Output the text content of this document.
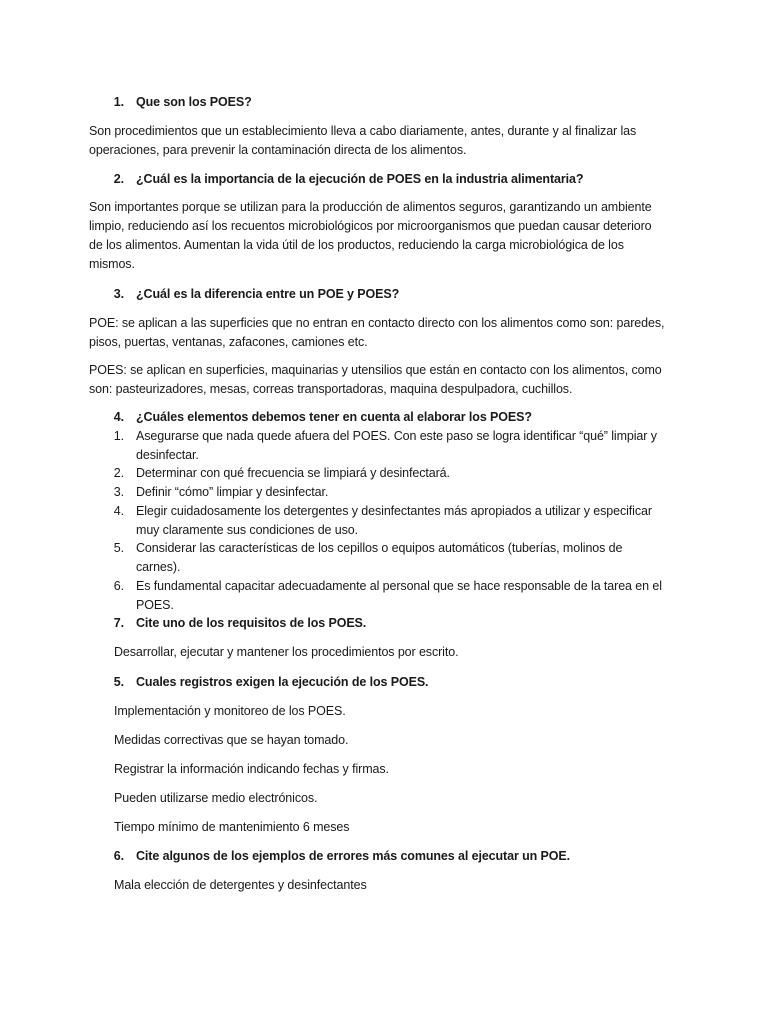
1. Que son los POES?
Son procedimientos que un establecimiento lleva a cabo diariamente, antes, durante y al finalizar las
operaciones, para prevenir la contaminación directa de los alimentos.
2. ¿Cuál es la importancia de la ejecución de POES en la industria alimentaria?
Son importantes porque se utilizan para la producción de alimentos seguros, garantizando un ambiente
limpio, reduciendo así los recuentos microbiológicos por microorganismos que puedan causar deterioro
de los alimentos. Aumentan la vida útil de los productos, reduciendo la carga microbiológica de los
mismos.
3. ¿Cuál es la diferencia entre un POE y POES?
POE: se aplican a las superficies que no entran en contacto directo con los alimentos como son: paredes,
pisos, puertas, ventanas, zafacones, camiones etc.
POES: se aplican en superficies, maquinarias y utensilios que están en contacto con los alimentos, como
son: pasteurizadores, mesas, correas transportadoras, maquina despulpadora, cuchillos.
4. ¿Cuáles elementos debemos tener en cuenta al elaborar los POES?
1. Asegurarse que nada quede afuera del POES. Con este paso se logra identificar “qué” limpiar y
desinfectar.
2. Determinar con qué frecuencia se limpiará y desinfectará.
3. Definir “cómo” limpiar y desinfectar.
4. Elegir cuidadosamente los detergentes y desinfectantes más apropiados a utilizar y especificar
muy claramente sus condiciones de uso.
5. Considerar las características de los cepillos o equipos automáticos (tuberías, molinos de
carnes).
6. Es fundamental capacitar adecuadamente al personal que se hace responsable de la tarea en el
POES.
7. Cite uno de los requisitos de los POES.
Desarrollar, ejecutar y mantener los procedimientos por escrito.
5. Cuales registros exigen la ejecución de los POES.
Implementación y monitoreo de los POES.
Medidas correctivas que se hayan tomado.
Registrar la información indicando fechas y firmas.
Pueden utilizarse medio electrónicos.
Tiempo mínimo de mantenimiento 6 meses
6. Cite algunos de los ejemplos de errores más comunes al ejecutar un POE.
Mala elección de detergentes y desinfectantes
